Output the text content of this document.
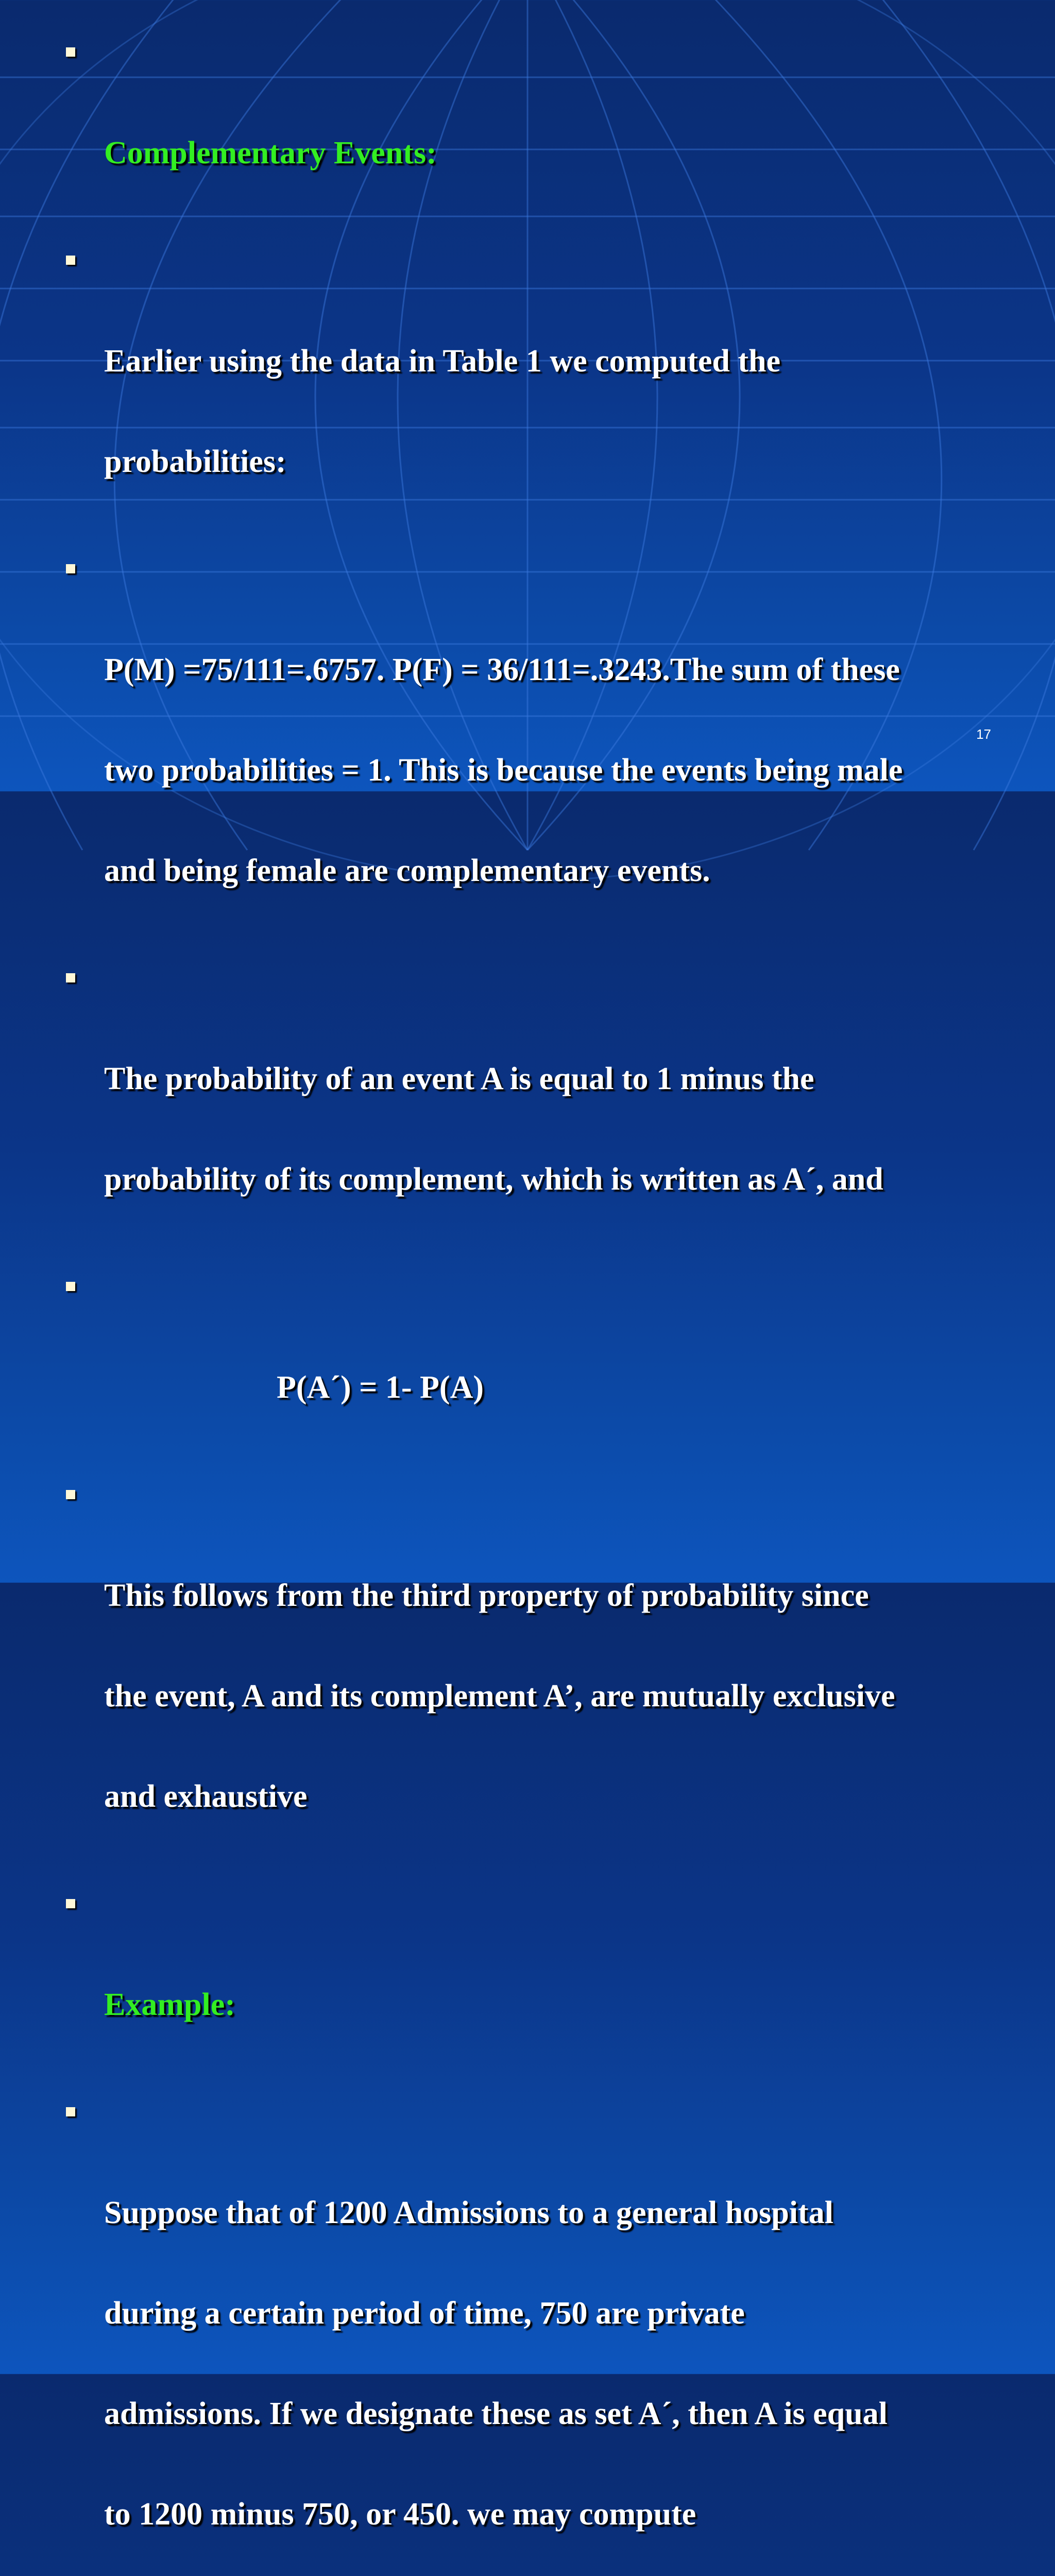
Complementary Events:

Earlier using the data in Table 1 we computed the

probabilities:

P(M) =75/111=.6757. P(F) = 36/111=.3243.The sum of these

two probabilities = 1. This is because the events being male

and being female are complementary events.

The probability of an event A is equal to 1 minus the

probability of its complement, which is written as A´, and

P(A´) = 1- P(A)

This follows from the third property of probability since

the event, A and its complement A’, are mutually exclusive

and exhaustive

Example:

Suppose that of 1200 Admissions to a general hospital

during a certain period of time, 750 are private

admissions. If we designate these as set A´, then A is equal

to 1200 minus 750, or 450. we may compute

17
